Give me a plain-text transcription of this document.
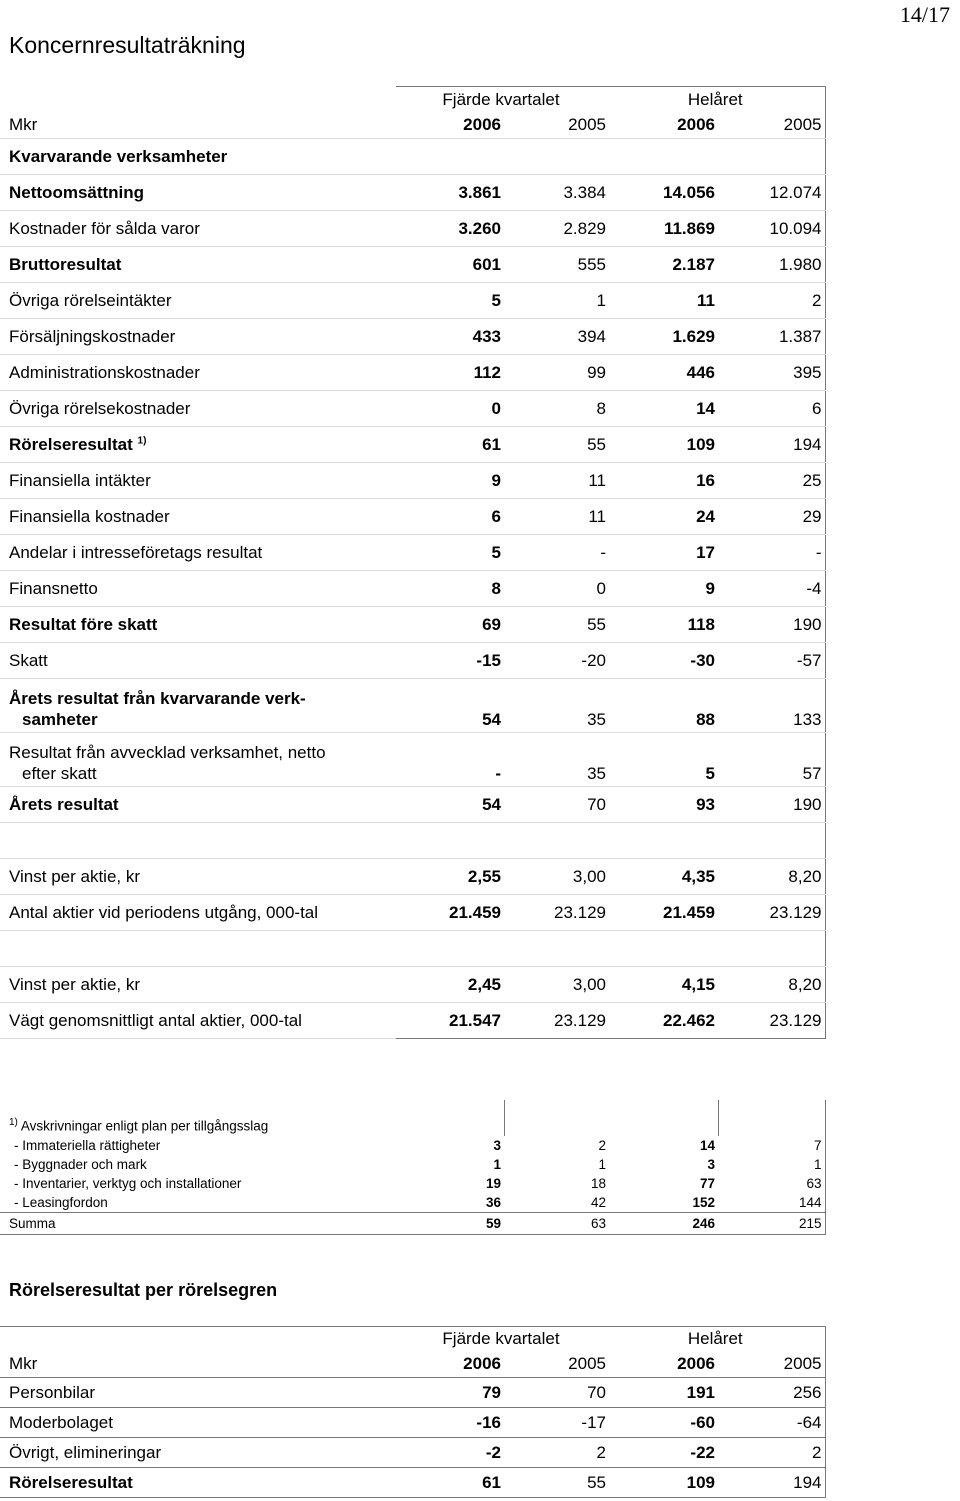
14/17
Koncernresultaträkning
	Fjärde kvartalet		Helåret	
Mkr	2006	2005	2006	2005
Kvarvarande verksamheter				
Nettoomsättning	3.861	3.384	14.056	12.074
Kostnader för sålda varor	3.260	2.829	11.869	10.094
Bruttoresultat	601	555	2.187	1.980
Övriga rörelseintäkter	5	1	11	2
Försäljningskostnader	433	394	1.629	1.387
Administrationskostnader	112	99	446	395
Övriga rörelsekostnader	0	8	14	6
Rörelseresultat $^{1)}$	61	55	109	194
Finansiella intäkter	9	11	16	25
Finansiella kostnader	6	11	24	29
Andelar i intresseföretags resultat	5	-	17	-
Finansnetto	8	0	9	-4
Resultat före skatt	69	55	118	190
Skatt	-15	-20	-30	-57

Årets resultat från kvarvarande verk-
samheter	54	35	88	133

Resultat från avvecklad verksamhet, netto
efter skatt	-	35	5	57
Årets resultat	54	70	93	190

Vinst per aktie, kr	2,55	3,00	4,35	8,20
Antal aktier vid periodens utgång, 000-tal	21.459	23.129	21.459	23.129

Vinst per aktie, kr	2,45	3,00	4,15	8,20
Vägt genomsnittligt antal aktier, 000-tal	21.547	23.129	22.462	23.129
$^{1)}$ Avskrivningar enligt plan per tillgångsslag				
- Immateriella rättigheter	3	2	14	7
- Byggnader och mark	1	1	3	1
- Inventarier, verktyg och installationer	19	18	77	63
- Leasingfordon	36	42	152	144
Summa	59	63	246	215
Rörelseresultat per rörelsegren
	Fjärde kvartalet		Helåret	
Mkr	2006	2005	2006	2005
Personbilar	79	70	191	256
Moderbolaget	-16	-17	-60	-64
Övrigt, elimineringar	-2	2	-22	2
Rörelseresultat	61	55	109	194
